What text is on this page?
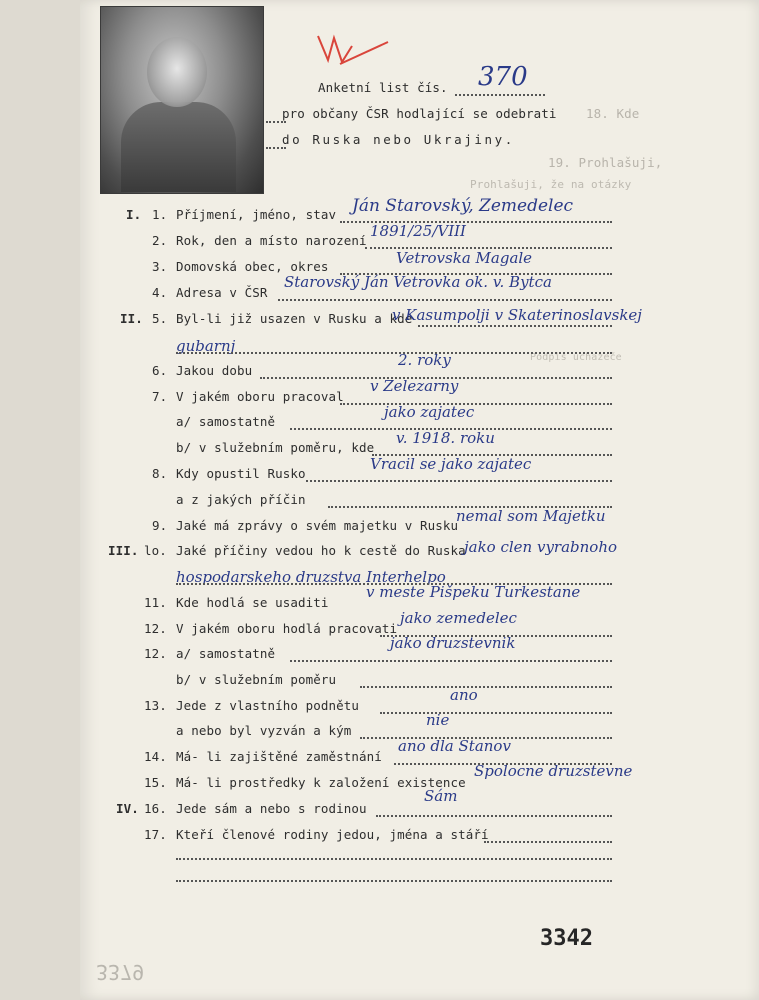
18. Kde
19. Prohlašuji,
Prohlašuji, že na otázky
Podpis uchazeče
Anketní list čís. 370
pro občany ČSR hodlající se odebrati
do Ruska nebo Ukrajiny.
I. 1. Příjmení, jméno, stav Ján Starovský, Zemedelec
2. Rok, den a místo narození
1891/25/VIII
3. Domovská obec, okres	Vetrovska Magale
4. Adresa v ČSR
Starovský Ján Vetrovka ok. v. Bytca
II. 5. Byl-li již usazen v Rusku a kde
v Kasumpolji v Skaterinoslavskej gubarnj
6. Jakou dobu
2. roky
7. V jakém oboru pracoval
v Zelezarny
a/ samostatně
jako zajatec
b/ v služebním poměru, kde
v. 1918. roku
8. Kdy opustil Rusko
Vracil se jako zajatec
a z jakých příčin
9. Jaké má zprávy o svém majetku v Rusku
nemal som Majetku
III. lo. Jaké příčiny vedou ho k cestě do Ruska
jako clen vyrabnoho hospodarskeho druzstva Interhelpo
11. Kde hodlá se usaditi
v meste Pišpeku Turkestane
12. V jakém oboru hodlá pracovati
jako zemedelec
12. a/ samostatně
jako druzstevnik
b/ v služebním poměru
13. Jede z vlastního podnětu
ano
a nebo byl vyzván a kým
nie
14. Má- li zajištěné zaměstnání
ano dla Stanov
15. Má- li prostředky k založení existence
Spolocne druzstevne
IV. 16. Jede sám a nebo s rodinou
Sám
17. Kteří členové rodiny jedou, jména a stáří
3342
3379
